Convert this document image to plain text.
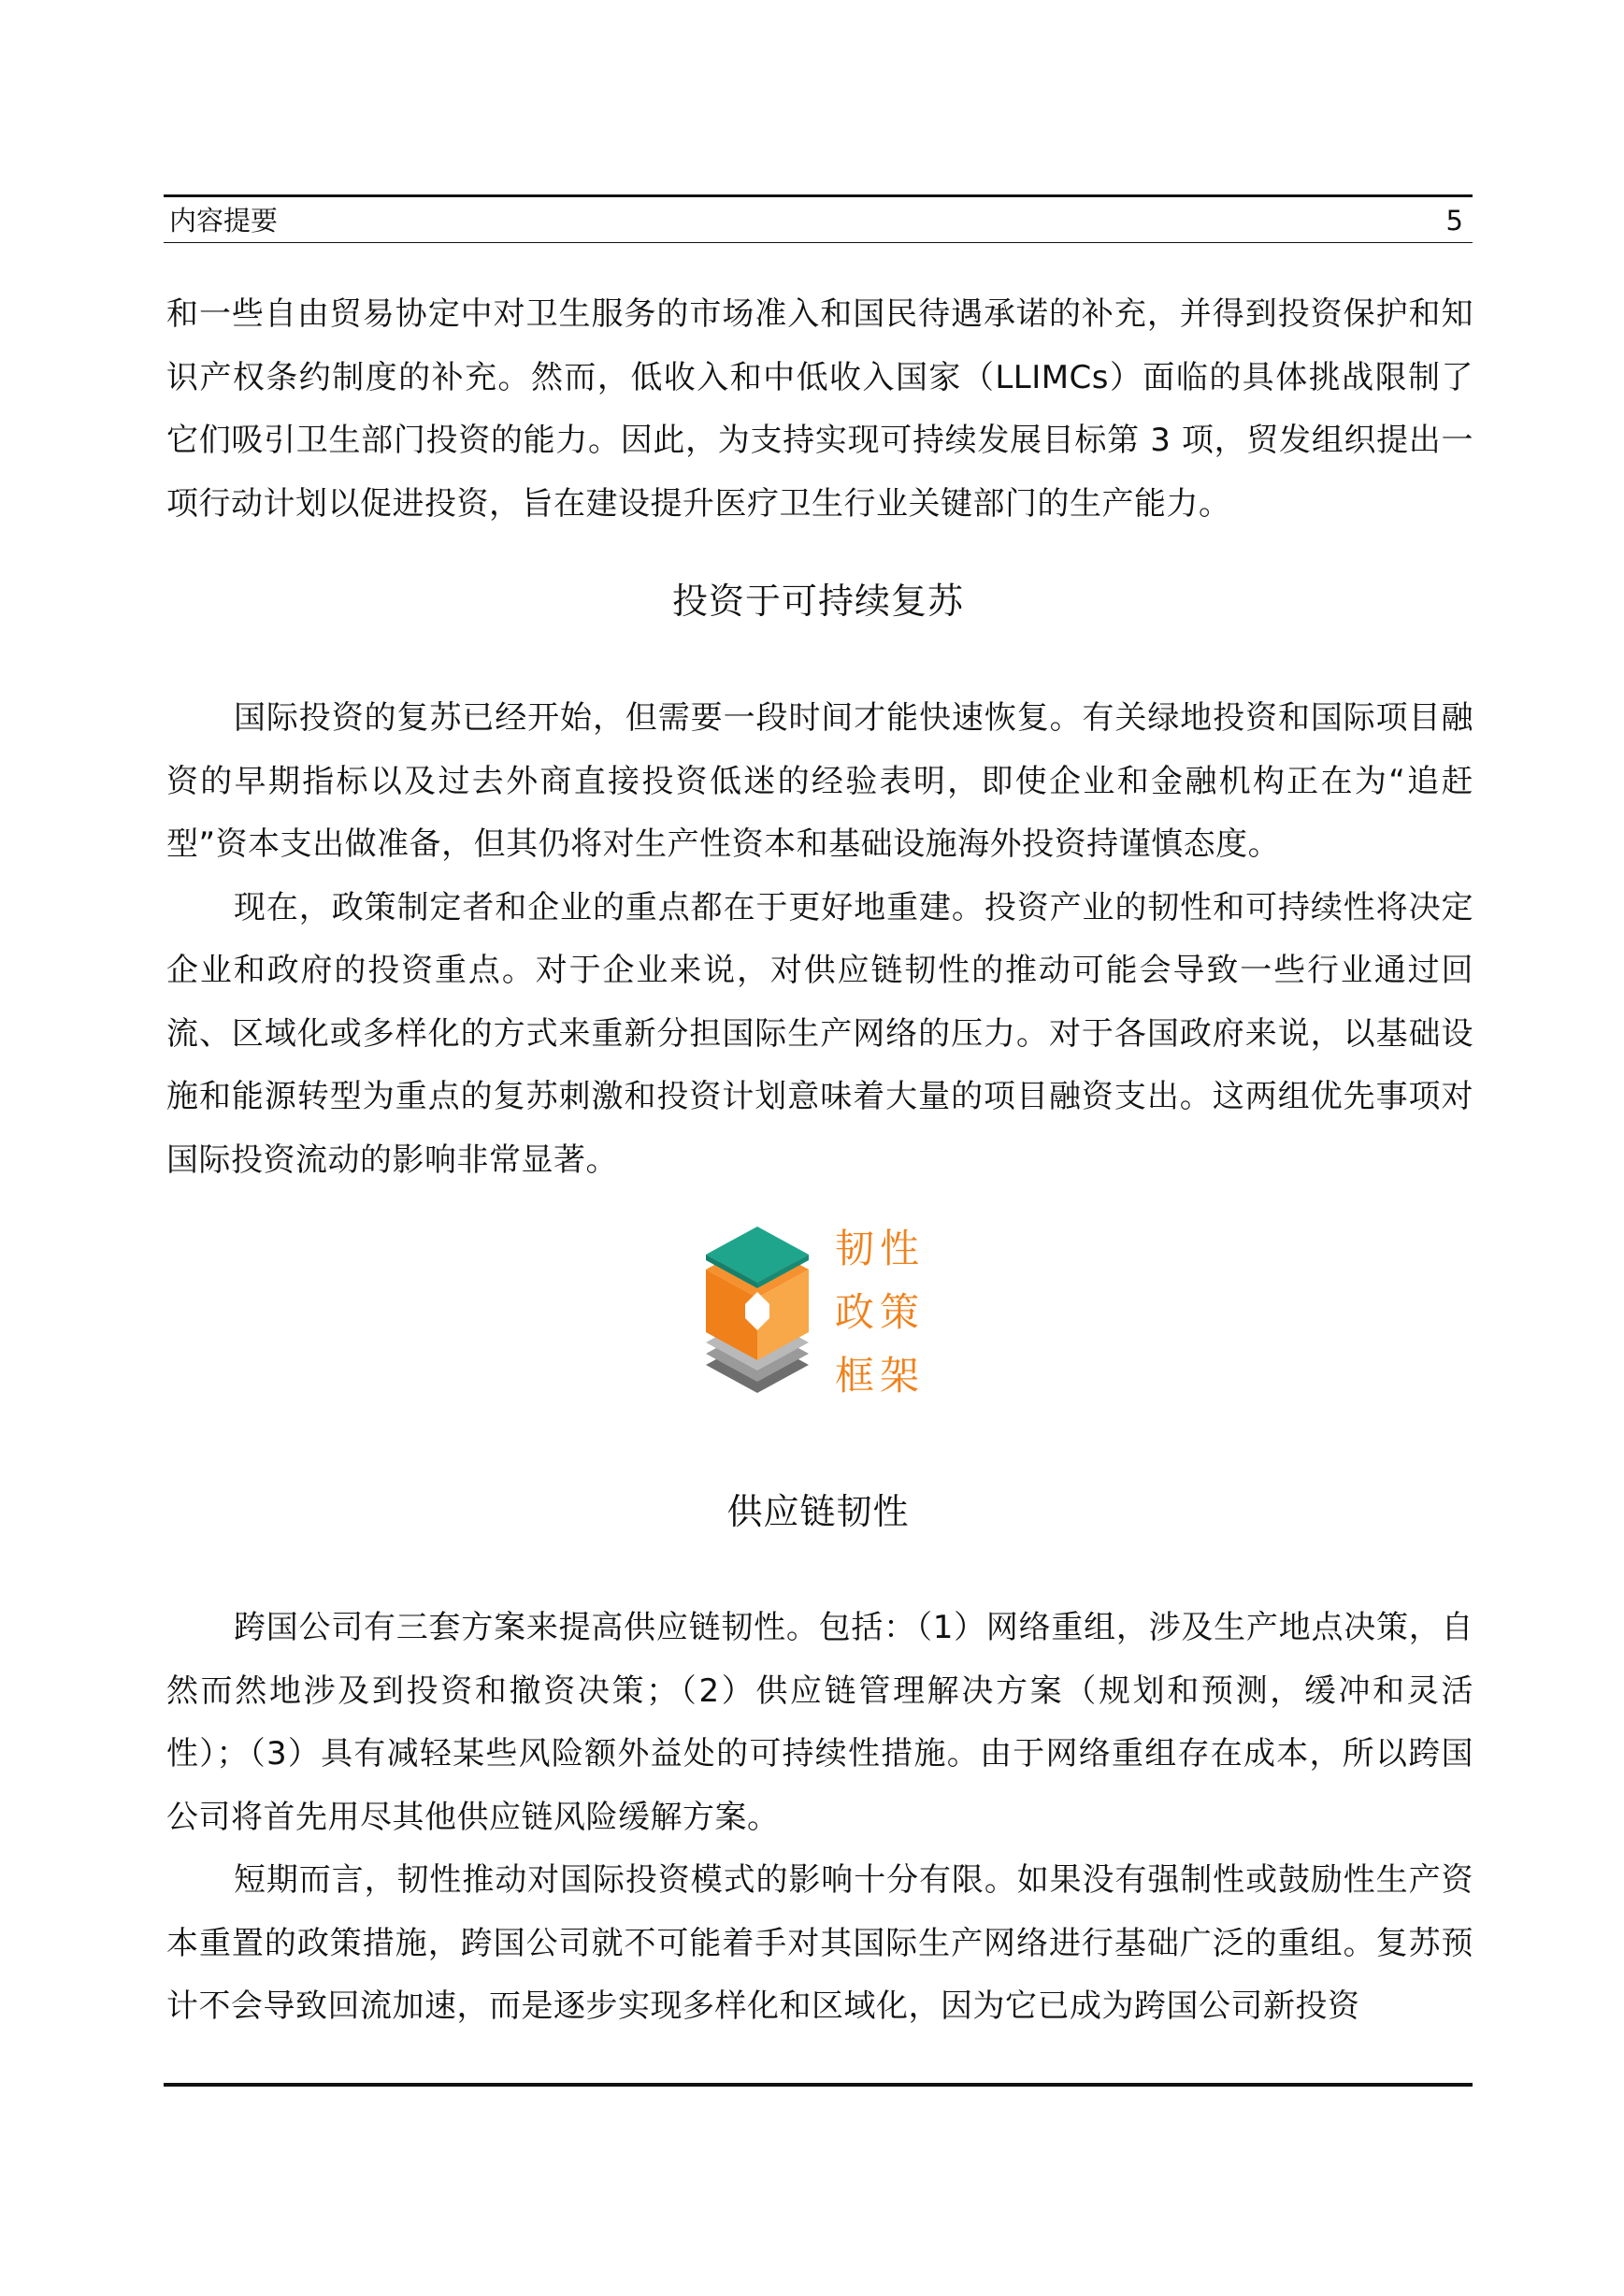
内容提要	5

和一些自由贸易协定中对卫生服务的市场准入和国民待遇承诺的补充，并得到投资保护和知识产权条约制度的补充。然而，低收入和中低收入国家（LLIMCs）面临的具体挑战限制了它们吸引卫生部门投资的能力。因此，为支持实现可持续发展目标第 3 项，贸发组织提出一项行动计划以促进投资，旨在建设提升医疗卫生行业关键部门的生产能力。

投资于可持续复苏

国际投资的复苏已经开始，但需要一段时间才能快速恢复。有关绿地投资和国际项目融资的早期指标以及过去外商直接投资低迷的经验表明，即使企业和金融机构正在为“追赶型”资本支出做准备，但其仍将对生产性资本和基础设施海外投资持谨慎态度。

现在，政策制定者和企业的重点都在于更好地重建。投资产业的韧性和可持续性将决定企业和政府的投资重点。对于企业来说，对供应链韧性的推动可能会导致一些行业通过回流、区域化或多样化的方式来重新分担国际生产网络的压力。对于各国政府来说，以基础设施和能源转型为重点的复苏刺激和投资计划意味着大量的项目融资支出。这两组优先事项对国际投资流动的影响非常显著。

韧性
政策
框架
供应链韧性

跨国公司有三套方案来提高供应链韧性。包括：（1）网络重组，涉及生产地点决策，自然而然地涉及到投资和撤资决策；（2）供应链管理解决方案（规划和预测，缓冲和灵活性）；（3）具有减轻某些风险额外益处的可持续性措施。由于网络重组存在成本，所以跨国公司将首先用尽其他供应链风险缓解方案。

短期而言，韧性推动对国际投资模式的影响十分有限。如果没有强制性或鼓励性生产资本重置的政策措施，跨国公司就不可能着手对其国际生产网络进行基础广泛的重组。复苏预计不会导致回流加速，而是逐步实现多样化和区域化，因为它已成为跨国公司新投资
